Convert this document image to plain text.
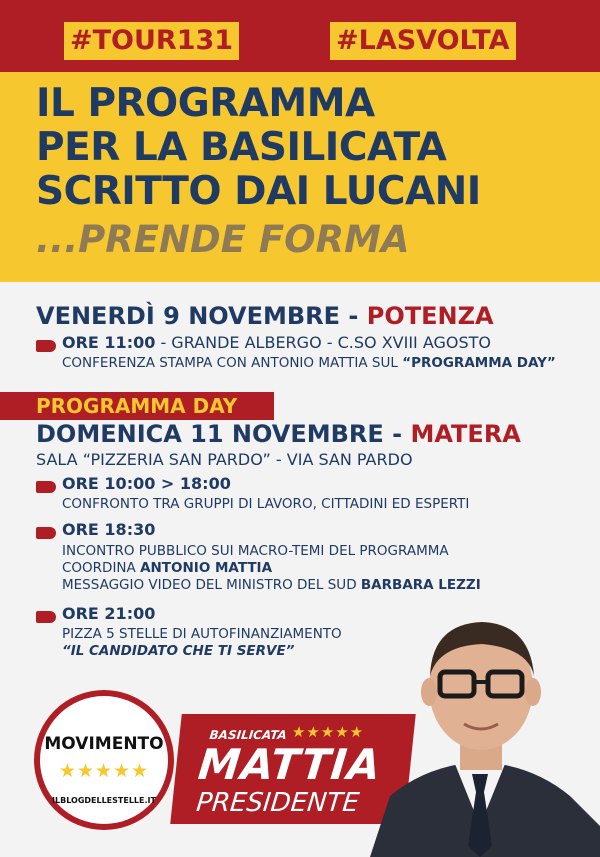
#TOUR131	#LASVOLTA
IL PROGRAMMA
PER LA BASILICATA
SCRITTO DAI LUCANI
...PRENDE FORMA
VENERDÌ 9 NOVEMBRE - POTENZA
ORE 11:00 - GRANDE ALBERGO - C.SO XVIII AGOSTO
CONFERENZA STAMPA CON ANTONIO MATTIA SUL “PROGRAMMA DAY”
PROGRAMMA DAY
DOMENICA 11 NOVEMBRE - MATERA
SALA “PIZZERIA SAN PARDO” - VIA SAN PARDO
ORE 10:00 > 18:00
CONFRONTO TRA GRUPPI DI LAVORO, CITTADINI ED ESPERTI
ORE 18:30
INCONTRO PUBBLICO SUI MACRO-TEMI DEL PROGRAMMA
COORDINA ANTONIO MATTIA
MESSAGGIO VIDEO DEL MINISTRO DEL SUD BARBARA LEZZI
ORE 21:00
PIZZA 5 STELLE DI AUTOFINANZIAMENTO
“IL CANDIDATO CHE TI SERVE”
MOVIMENTO
★★★★★
ILBLOGDELLESTELLE.IT
BASILICATA ★★★★★
MATTIA
PRESIDENTE
